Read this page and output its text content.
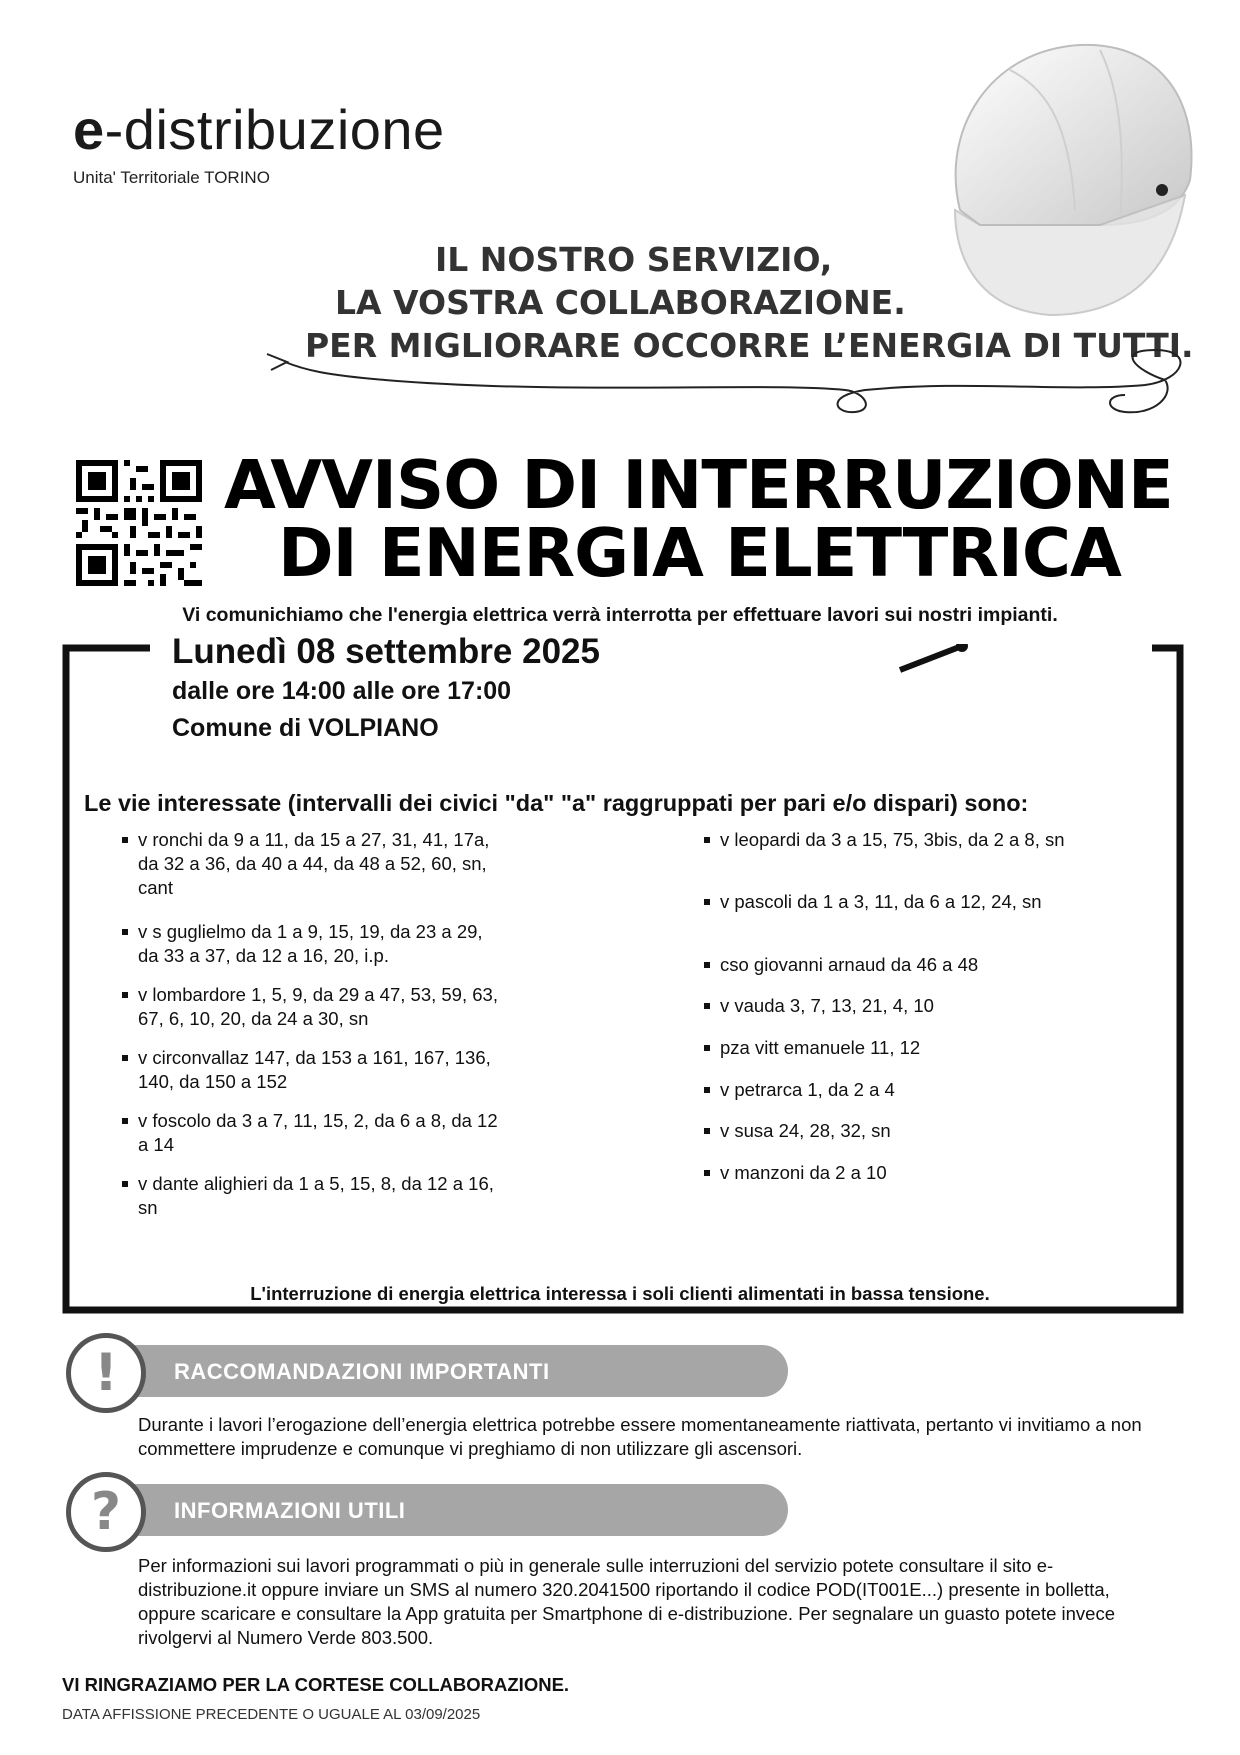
e-distribuzione
Unita' Territoriale TORINO
IL NOSTRO SERVIZIO,
LA VOSTRA COLLABORAZIONE.
PER MIGLIORARE OCCORRE L’ENERGIA DI TUTTI.
AVVISO DI INTERRUZIONE
DI ENERGIA ELETTRICA
Vi comunichiamo che l'energia elettrica verrà interrotta per effettuare lavori sui nostri impianti.
Lunedì 08 settembre 2025
dalle ore 14:00 alle ore 17:00
Comune di VOLPIANO
Le vie interessate (intervalli dei civici "da" "a" raggruppati per pari e/o dispari) sono:
v ronchi da 9 a 11, da 15 a 27, 31, 41, 17a,
da 32 a 36, da 40 a 44, da 48 a 52, 60, sn,
cant
v s guglielmo da 1 a 9, 15, 19, da 23 a 29,
da 33 a 37, da 12 a 16, 20, i.p.
v lombardore 1, 5, 9, da 29 a 47, 53, 59, 63,
67, 6, 10, 20, da 24 a 30, sn
v circonvallaz 147, da 153 a 161, 167, 136,
140, da 150 a 152
v foscolo da 3 a 7, 11, 15, 2, da 6 a 8, da 12
a 14
v dante alighieri da 1 a 5, 15, 8, da 12 a 16,
sn
v leopardi da 3 a 15, 75, 3bis, da 2 a 8, sn
v pascoli da 1 a 3, 11, da 6 a 12, 24, sn
cso giovanni arnaud da 46 a 48
v vauda 3, 7, 13, 21, 4, 10
pza vitt emanuele 11, 12
v petrarca 1, da 2 a 4
v susa 24, 28, 32, sn
v manzoni da 2 a 10
L'interruzione di energia elettrica interessa i soli clienti alimentati in bassa tensione.
RACCOMANDAZIONI IMPORTANTI
!
Durante i lavori l’erogazione dell’energia elettrica potrebbe essere momentaneamente riattivata, pertanto vi invitiamo a non commettere imprudenze e comunque vi preghiamo di non utilizzare gli ascensori.
INFORMAZIONI UTILI
?
Per informazioni sui lavori programmati o più in generale sulle interruzioni del servizio potete consultare il sito e-distribuzione.it oppure inviare un SMS al numero 320.2041500 riportando il codice POD(IT001E...) presente in bolletta, oppure scaricare e consultare la App gratuita per Smartphone di e-distribuzione. Per segnalare un guasto potete invece rivolgervi al Numero Verde 803.500.
VI RINGRAZIAMO PER LA CORTESE COLLABORAZIONE.
DATA AFFISSIONE PRECEDENTE O UGUALE AL 03/09/2025
